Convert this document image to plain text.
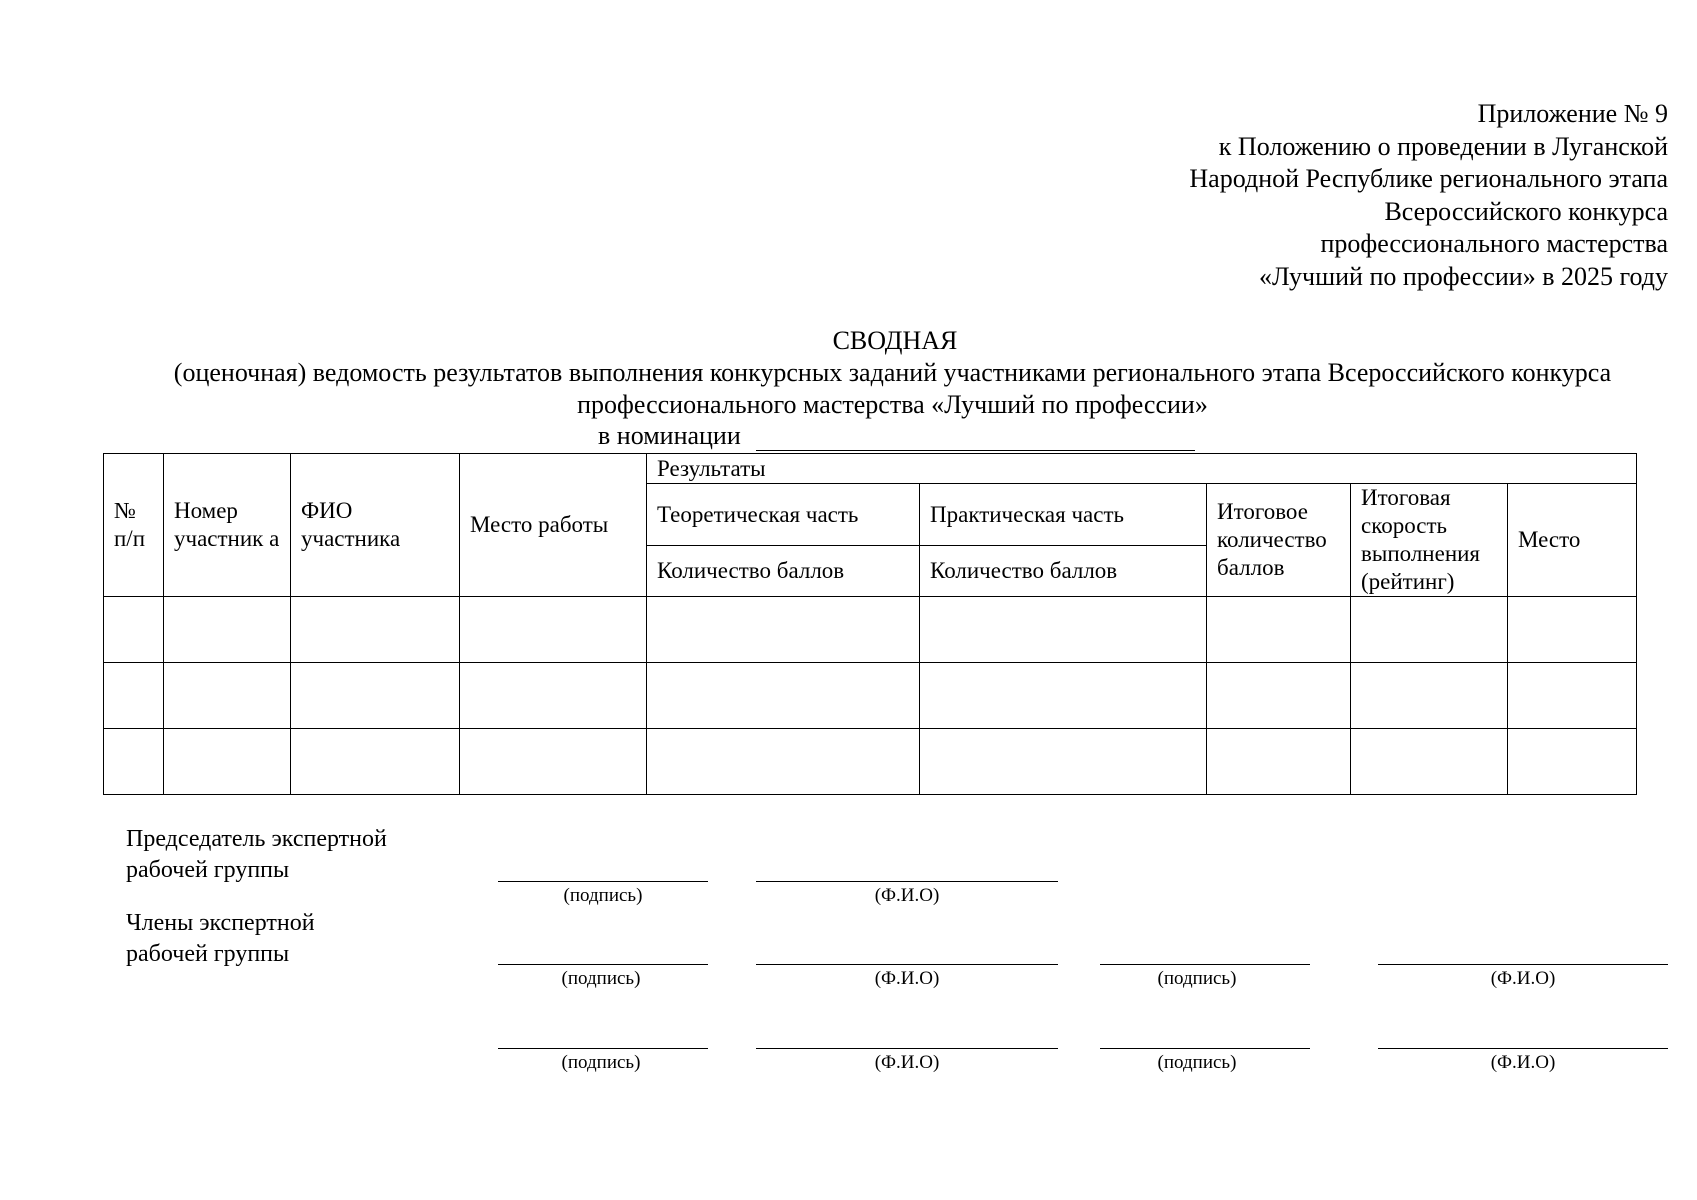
Приложение № 9
к Положению о проведении в Луганской
Народной Республике регионального этапа
Всероссийского конкурса
профессионального мастерства
«Лучший по профессии» в 2025 году
СВОДНАЯ
(оценочная) ведомость результатов выполнения конкурсных заданий участниками регионального этапа Всероссийского конкурса
профессионального мастерства «Лучший по профессии»
в номинации
№ п/п	Номер участник а	ФИО участника	Место работы	Результаты				
				Теоретическая часть	Практическая часть	Итоговое количество баллов	Итоговая скорость выполнения (рейтинг)	Место
				Количество баллов	Количество баллов			

Председатель экспертной рабочей группы
(подпись)	(Ф.И.О)
Члены экспертной рабочей группы
(подпись)	(Ф.И.О)	(подпись)	(Ф.И.О)
(подпись)	(Ф.И.О)	(подпись)	(Ф.И.О)
